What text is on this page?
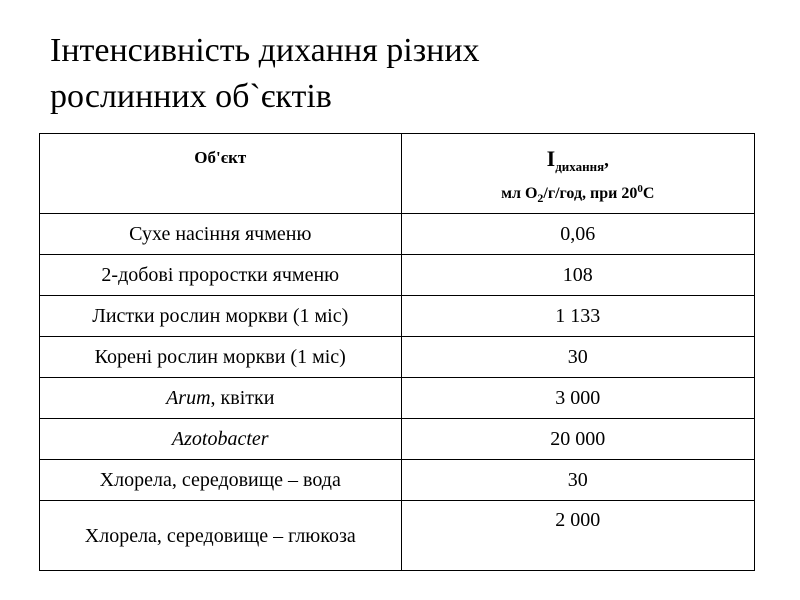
Інтенсивність дихання різних
рослинних об`єктів
Об'єкт	$I_{дихання}$,
мл $O_2/г$/год, при $20^0С$

Сухе насіння ячменю	0,06
2-добові проростки ячменю	108
Листки рослин моркви (1 міс)	1 133
Корені рослин моркви (1 міс)	30
Arum, квітки	3 000
Azotobacter	20 000
Хлорела, середовище – вода	30
Хлорела, середовище – глюкоза	2 000
